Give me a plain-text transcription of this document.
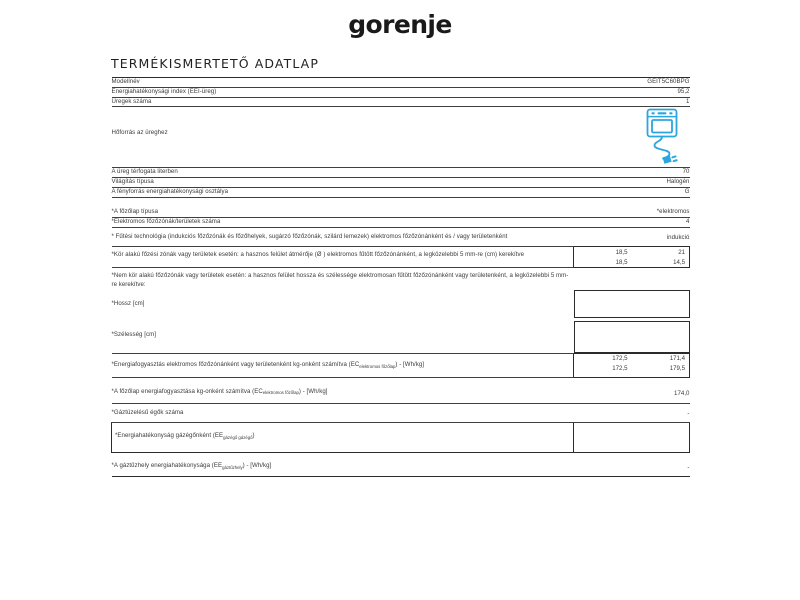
gorenje
TERMÉKISMERTETŐ ADATLAP

Modellnév	GEIT5C60BPG
Energiahatékonysági index (EEI-üreg)	95,2
Üregek száma	1
Hőforrás az üreghez	
A üreg térfogata literben	70
Világítás típusa	Halogén
A fényforrás energiahatékonysági osztálya	G

*A főzőlap típusa	*elektromos
*Elektromos főzőzónák/területek száma	4
* Fűtési technológia (indukciós főzőzónák és főzőhelyek, sugárzó főzőzónák, szilárd lemezek) elektromos főzőzónánként és / vagy területenként	indukció
*Kör alakú főzési zónák vagy területek esetén: a hasznos felület átmérője (Ø ) elektromos fűtött főzőzónánként, a legközelebbi 5 mm-re (cm) kerekítve		18,5	21
18,5	14,5

*Nem kör alakú főzőzónák vagy területek esetén: a hasznos felület hossza és szélessége elektromosan fűtött főzőzónánként vagy területenként, a legközelebbi 5 mm-re kerekítve:	
*Hossz [cm]	

*Szélesség [cm]	

*Energiafogyasztás elektromos főzőzónánként vagy területenként kg-onként számítva $(EC_{elektromos főzőlap}) - [Wh/kg]$	
172,5	171,4
172,5	179,5

*A főzőlap energiafogyasztása kg-onként számítva $(EC_{elektromos főzőlap}) - [Wh/kg]$	174,0
*Gáztüzelésű égők száma	-
*Energiahatékonyság gázégőnként $(EE_{gázégő gázégő})$	

*A gáztűzhely energiahatékonysága $(EE_{gáztűzhely}) - [Wh/kg]$	-
